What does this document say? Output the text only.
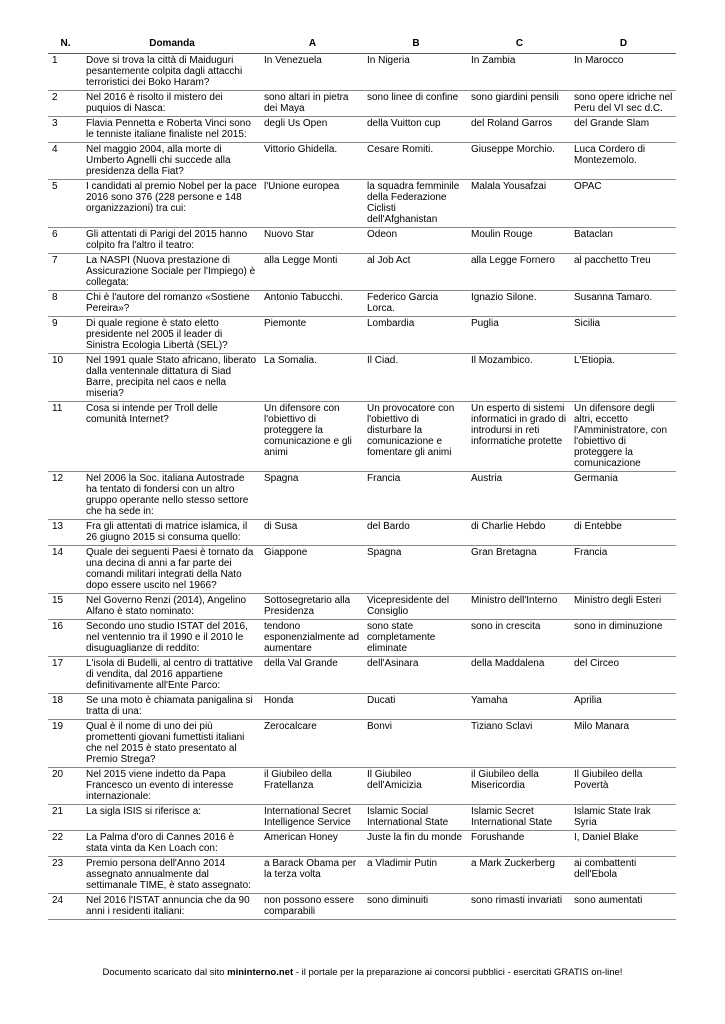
N.	Domanda	A	B	C	D
1	Dove si trova la città di Maiduguri pesantemente colpita dagli attacchi terroristici dei Boko Haram?	In Venezuela	In Nigeria	In Zambia	In Marocco
2	Nel 2016 è risolto il mistero dei puquios di Nasca:	sono altari in pietra dei Maya	sono linee di confine	sono giardini pensili	sono opere idriche nel Peru del VI sec d.C.
3	Flavia Pennetta e Roberta Vinci sono le tenniste italiane finaliste nel 2015:	degli Us Open	della Vuitton cup	del Roland Garros	del Grande Slam
4	Nel maggio 2004, alla morte di Umberto Agnelli chi succede alla presidenza della Fiat?	Vittorio Ghidella.	Cesare Romiti.	Giuseppe Morchio.	Luca Cordero di Montezemolo.
5	I candidati al premio Nobel per la pace 2016 sono 376 (228 persone e 148 organizzazioni) tra cui:	l'Unione europea	la squadra femminile della Federazione Ciclisti dell'Afghanistan	Malala Yousafzai	OPAC
6	Gli attentati di Parigi del 2015 hanno colpito fra l'altro il teatro:	Nuovo Star	Odeon	Moulin Rouge	Bataclan
7	La NASPI (Nuova prestazione di Assicurazione Sociale per l'Impiego) è collegata:	alla Legge Monti	al Job Act	alla Legge Fornero	al pacchetto Treu
8	Chi è l'autore del romanzo «Sostiene Pereira»?	Antonio Tabucchi.	Federico Garcia Lorca.	Ignazio Silone.	Susanna Tamaro.
9	Di quale regione è stato eletto presidente nel 2005 il leader di Sinistra Ecologia Libertà (SEL)?	Piemonte	Lombardia	Puglia	Sicilia
10	Nel 1991 quale Stato africano, liberato dalla ventennale dittatura di Siad Barre, precipita nel caos e nella miseria?	La Somalia.	Il Ciad.	Il Mozambico.	L'Etiopia.
11	Cosa si intende per Troll delle comunità Internet?	Un difensore con l'obiettivo di proteggere la comunicazione e gli animi	Un provocatore con l'obiettivo di disturbare la comunicazione e fomentare gli animi	Un esperto di sistemi informatici in grado di introdursi in reti informatiche protette	Un difensore degli altri, eccetto l'Amministratore, con l'obiettivo di proteggere la comunicazione
12	Nel 2006 la Soc. italiana Autostrade ha tentato di fondersi con un altro gruppo operante nello stesso settore che ha sede in:	Spagna	Francia	Austria	Germania
13	Fra gli attentati di matrice islamica, il 26 giugno 2015 si consuma quello:	di Susa	del Bardo	di Charlie Hebdo	di Entebbe
14	Quale dei seguenti Paesi è tornato da una decina di anni a far parte dei comandi militari integrati della Nato dopo essere uscito nel 1966?	Giappone	Spagna	Gran Bretagna	Francia
15	Nel Governo Renzi (2014), Angelino Alfano è stato nominato:	Sottosegretario alla Presidenza	Vicepresidente del Consiglio	Ministro dell'Interno	Ministro degli Esteri
16	Secondo uno studio ISTAT del 2016, nel ventennio tra il 1990 e il 2010 le disuguaglianze di reddito:	tendono esponenzialmente ad aumentare	sono state completamente eliminate	sono in crescita	sono in diminuzione
17	L'isola di Budelli, al centro di trattative di vendita, dal 2016 appartiene definitivamente all'Ente Parco:	della Val Grande	dell'Asinara	della Maddalena	del Circeo
18	Se una moto è chiamata panigalina si tratta di una:	Honda	Ducati	Yamaha	Aprilia
19	Qual è il nome di uno dei più promettenti giovani fumettisti italiani che nel 2015 è stato presentato al Premio Strega?	Zerocalcare	Bonvi	Tiziano Sclavi	Milo Manara
20	Nel 2015 viene indetto da Papa Francesco un evento di interesse internazionale:	il Giubileo della Fratellanza	Il Giubileo dell'Amicizia	il Giubileo della Misericordia	Il Giubileo della Povertà
21	La sigla ISIS si riferisce a:	International Secret Intelligence Service	Islamic Social International State	Islamic Secret International State	Islamic State Irak Syria
22	La Palma d'oro di Cannes 2016 è stata vinta da Ken Loach con:	American Honey	Juste la fin du monde	Forushande	I, Daniel Blake
23	Premio persona dell'Anno 2014 assegnato annualmente dal settimanale TIME, è stato assegnato:	a Barack Obama per la terza volta	a Vladimir Putin	a Mark Zuckerberg	ai combattenti dell'Ebola
24	Nel 2016 l'ISTAT annuncia che da 90 anni i residenti italiani:	non possono essere comparabili	sono diminuiti	sono rimasti invariati	sono aumentati
Documento scaricato dal sito mininterno.net - il portale per la preparazione ai concorsi pubblici - esercitati GRATIS on-line!
